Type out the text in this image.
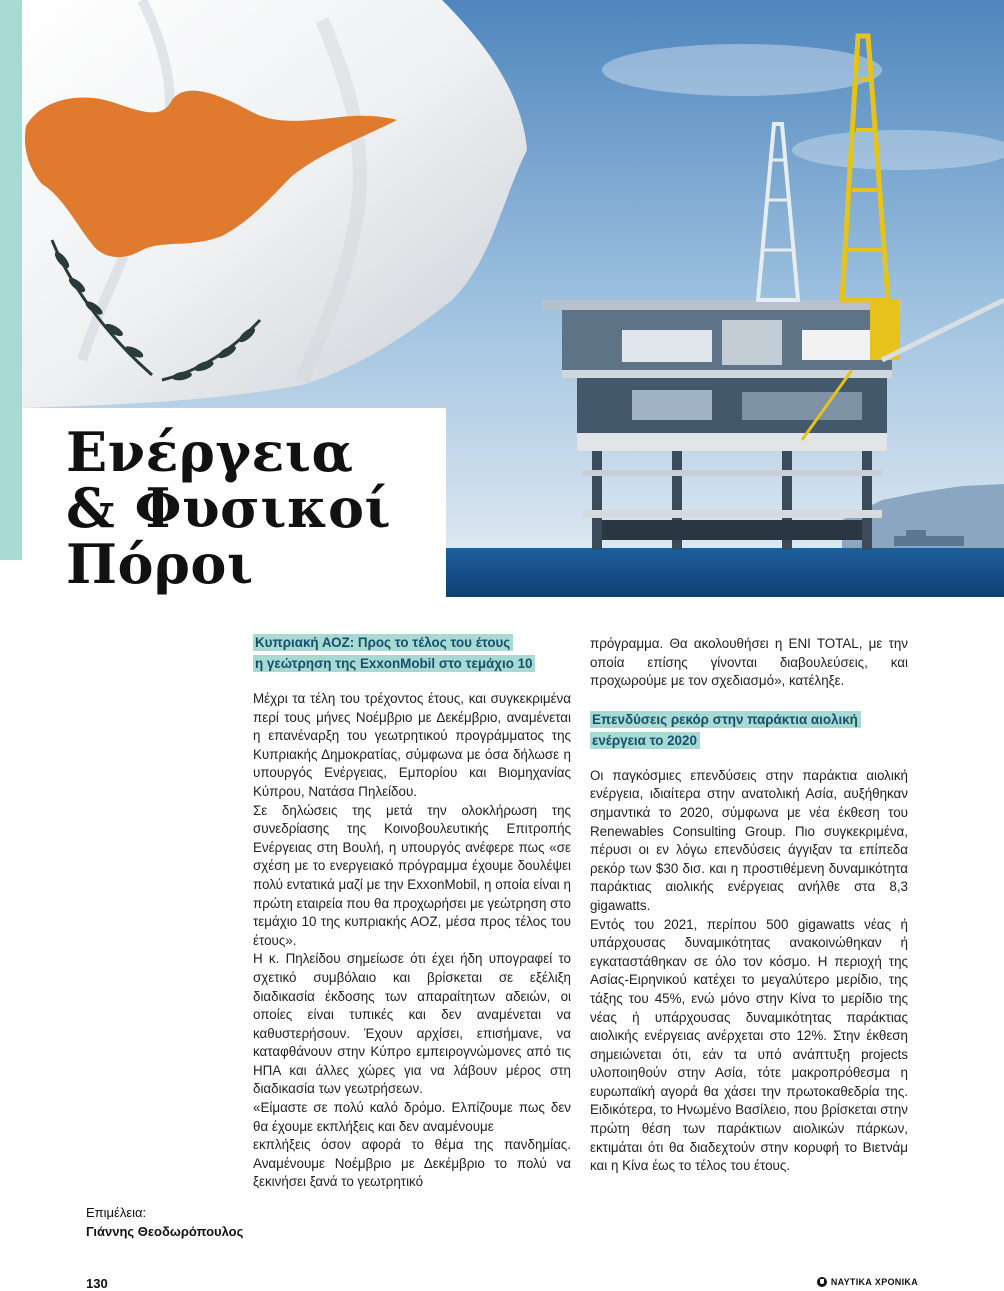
Ενέργεια
& Φυσικοί
Πόροι
Κυπριακή ΑΟΖ: Προς το τέλος του έτους
η γεώτρηση της ExxonMobil στο τεμάχιο 10

Μέχρι τα τέλη του τρέχοντος έτους, και συγκεκριμένα περί τους μήνες Νοέμβριο με Δεκέμβριο, αναμένεται η επανέναρξη του γεωτρητικού προγράμματος της Κυπριακής Δημοκρατίας, σύμφωνα με όσα δήλωσε η υπουργός Ενέργειας, Εμπορίου και Βιομηχανίας Κύπρου, Νατάσα Πηλείδου.

Σε δηλώσεις της μετά την ολοκλήρωση της συνεδρίασης της Κοινοβουλευτικής Επιτροπής Ενέργειας στη Βουλή, η υπουργός ανέφερε πως «σε σχέση με το ενεργειακό πρόγραμμα έχουμε δουλέψει πολύ εντατικά μαζί με την ExxonMobil, η οποία είναι η πρώτη εταιρεία που θα προχωρήσει με γεώτρηση στο τεμάχιο 10 της κυπριακής ΑΟΖ, μέσα προς τέλος του έτους».

Η κ. Πηλείδου σημείωσε ότι έχει ήδη υπογραφεί το σχετικό συμβόλαιο και βρίσκεται σε εξέλιξη διαδικασία έκδοσης των απαραίτητων αδειών, οι οποίες είναι τυπικές και δεν αναμένεται να καθυστερήσουν. Έχουν αρχίσει, επισήμανε, να καταφθάνουν στην Κύπρο εμπειρογνώμονες από τις ΗΠΑ και άλλες χώρες για να λάβουν μέρος στη διαδικασία των γεωτρήσεων.

«Είμαστε σε πολύ καλό δρόμο. Ελπίζουμε πως δεν θα έχουμε εκπλήξεις και δεν αναμένουμε

εκπλήξεις όσον αφορά το θέμα της πανδημίας. Αναμένουμε Νοέμβριο με Δεκέμβριο το πολύ να ξεκινήσει ξανά το γεωτρητικό

πρόγραμμα. Θα ακολουθήσει η ENI TOTAL, με την οποία επίσης γίνονται διαβουλεύσεις, και προχωρούμε με τον σχεδιασμό», κατέληξε.

Επενδύσεις ρεκόρ στην παράκτια αιολική
ενέργεια το 2020

Οι παγκόσμιες επενδύσεις στην παράκτια αιολική ενέργεια, ιδιαίτερα στην ανατολική Ασία, αυξήθηκαν σημαντικά το 2020, σύμφωνα με νέα έκθεση του Renewables Consulting Group. Πιο συγκεκριμένα, πέρυσι οι εν λόγω επενδύσεις άγγιξαν τα επίπεδα ρεκόρ των $30 δισ. και η προστιθέμενη δυναμικότητα παράκτιας αιολικής ενέργειας ανήλθε στα 8,3 gigawatts.

Εντός του 2021, περίπου 500 gigawatts νέας ή υπάρχουσας δυναμικότητας ανακοινώθηκαν ή εγκαταστάθηκαν σε όλο τον κόσμο. Η περιοχή της Ασίας-Ειρηνικού κατέχει το μεγαλύτερο μερίδιο, της τάξης του 45%, ενώ μόνο στην Κίνα το μερίδιο της νέας ή υπάρχουσας δυναμικότητας παράκτιας αιολικής ενέργειας ανέρχεται στο 12%. Στην έκθεση σημειώνεται ότι, εάν τα υπό ανάπτυξη projects υλοποιηθούν στην Ασία, τότε μακροπρόθεσμα η ευρωπαϊκή αγορά θα χάσει την πρωτοκαθεδρία της. Ειδικότερα, το Ηνωμένο Βασίλειο, που βρίσκεται στην πρώτη θέση των παράκτιων αιολικών πάρκων, εκτιμάται ότι θα διαδεχτούν στην κορυφή το Βιετνάμ και η Κίνα έως το τέλος του έτους.

Επιμέλεια:
Γιάννης Θεοδωρόπουλος
130	ΝΑΥΤΙΚΑ ΧΡΟΝΙΚΑ
